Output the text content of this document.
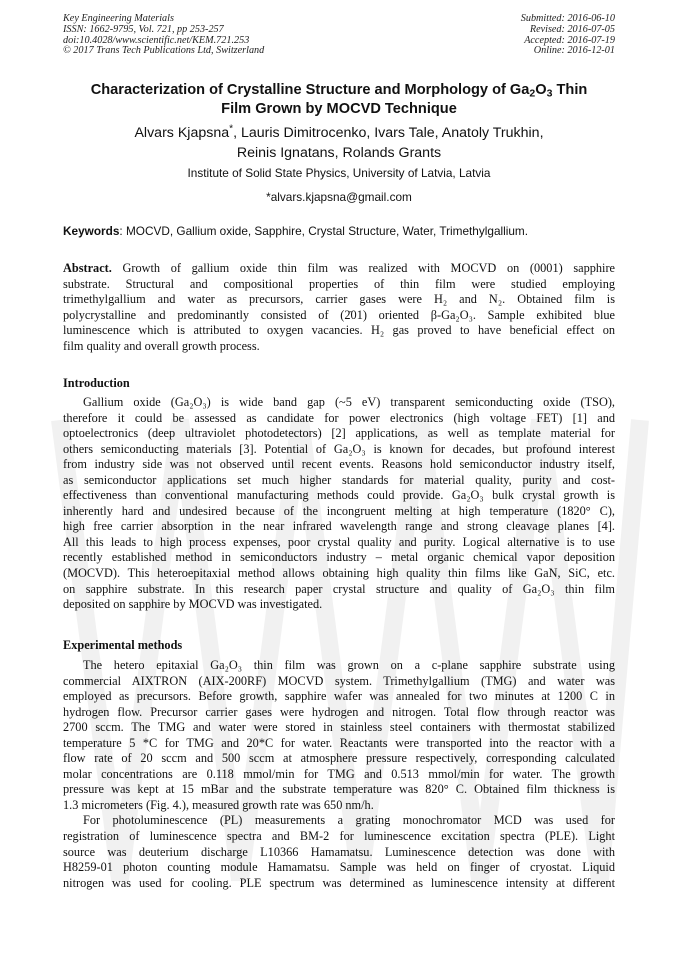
Key Engineering Materials
ISSN: 1662-9795, Vol. 721, pp 253-257
doi:10.4028/www.scientific.net/KEM.721.253
© 2017 Trans Tech Publications Ltd, Switzerland
Submitted: 2016-06-10
Revised: 2016-07-05
Accepted: 2016-07-19
Online: 2016-12-01
Characterization of Crystalline Structure and Morphology of $Ga_2O_3$ Thin
Film Grown by MOCVD Technique
Alvars Kjapsna*, Lauris Dimitrocenko, Ivars Tale, Anatoly Trukhin,
Reinis Ignatans, Rolands Grants
Institute of Solid State Physics, University of Latvia, Latvia
*alvars.kjapsna@gmail.com
Keywords: MOCVD, Gallium oxide, Sapphire, Crystal Structure, Water, Trimethylgallium.
Abstract. Growth of gallium oxide thin film was realized with MOCVD on (0001) sapphire
substrate. Structural and compositional properties of thin film were studied employing
trimethylgallium and water as precursors, carrier gases were H₂ and N₂. Obtained film is
polycrystalline and predominantly consisted of (2̄01) oriented β-Ga₂O₃. Sample exhibited blue
luminescence which is attributed to oxygen vacancies. H₂ gas proved to have beneficial effect on
film quality and overall growth process.
Introduction
Gallium oxide (Ga₂O₃) is wide band gap (~5 eV) transparent semiconducting oxide (TSO),
therefore it could be assessed as candidate for power electronics (high voltage FET) [1] and
optoelectronics (deep ultraviolet photodetectors) [2] applications, as well as template material for
others semiconducting materials [3]. Potential of Ga₂O₃ is known for decades, but profound interest
from industry side was not observed until recent events. Reasons hold semiconductor industry itself,
as semiconductor applications set much higher standards for material quality, purity and cost-
effectiveness than conventional manufacturing methods could provide. Ga₂O₃ bulk crystal growth is
inherently hard and undesired because of the incongruent melting at high temperature (1820° C),
high free carrier absorption in the near infrared wavelength range and strong cleavage planes [4].
All this leads to high process expenses, poor crystal quality and purity. Logical alternative is to use
recently established method in semiconductors industry – metal organic chemical vapor deposition
(MOCVD). This heteroepitaxial method allows obtaining high quality thin films like GaN, SiC, etc.
on sapphire substrate. In this research paper crystal structure and quality of Ga₂O₃ thin film
deposited on sapphire by MOCVD was investigated.
Experimental methods
The hetero epitaxial Ga₂O₃ thin film was grown on a c-plane sapphire substrate using
commercial AIXTRON (AIX-200RF) MOCVD system. Trimethylgallium (TMG) and water was
employed as precursors. Before growth, sapphire wafer was annealed for two minutes at 1200 C in
hydrogen flow. Precursor carrier gases were hydrogen and nitrogen. Total flow through reactor was
2700 sccm. The TMG and water were stored in stainless steel containers with thermostat stabilized
temperature 5 *C for TMG and 20*C for water. Reactants were transported into the reactor with a
flow rate of 20 sccm and 500 sccm at atmosphere pressure respectively, corresponding calculated
molar concentrations are 0.118 mmol/min for TMG and 0.513 mmol/min for water. The growth
pressure was kept at 15 mBar and the substrate temperature was 820° C. Obtained film thickness is
1.3 micrometers (Fig. 4.), measured growth rate was 650 nm/h.
For photoluminescence (PL) measurements a grating monochromator MCD was used for
registration of luminescence spectra and BM-2 for luminescence excitation spectra (PLE). Light
source was deuterium discharge L10366 Hamamatsu. Luminescence detection was done with
H8259-01 photon counting module Hamamatsu. Sample was held on finger of cryostat. Liquid
nitrogen was used for cooling. PLE spectrum was determined as luminescence intensity at different
